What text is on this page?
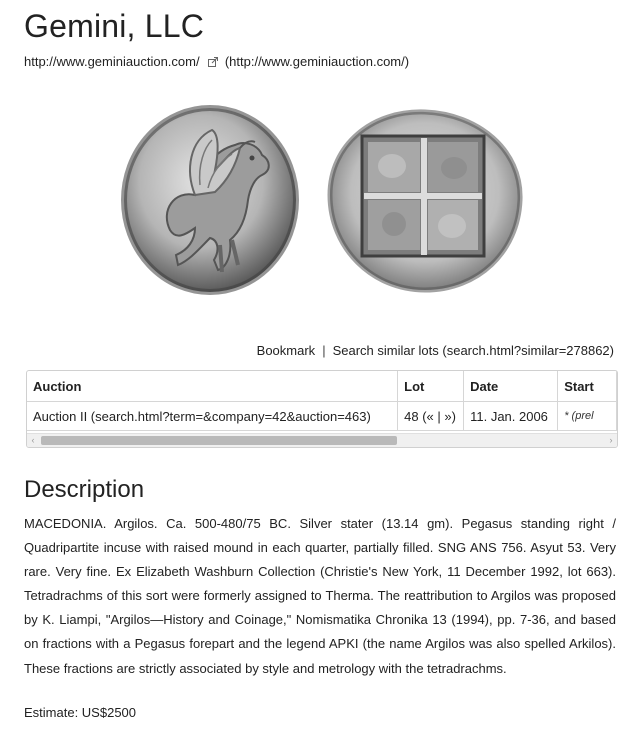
Gemini, LLC
http://www.geminiauction.com/ (http://www.geminiauction.com/)
Bookmark | Search similar lots (search.html?similar=278862)
Auction	Lot	Date	Start
Auction II (search.html?term=&company=42&auction=463)	48 (« | »)	11. Jan. 2006	* (prel
‹	›
Description
MACEDONIA. Argilos. Ca. 500-480/75 BC. Silver stater (13.14 gm). Pegasus standing right / Quadripartite incuse with raised mound in each quarter, partially filled. SNG ANS 756. Asyut 53. Very rare. Very fine. Ex Elizabeth Washburn Collection (Christie's New York, 11 December 1992, lot 663). Tetradrachms of this sort were formerly assigned to Therma. The reattribution to Argilos was proposed by K. Liampi, "Argilos—History and Coinage," Nomismatika Chronika 13 (1994), pp. 7-36, and based on fractions with a Pegasus forepart and the legend APKI (the name Argilos was also spelled Arkilos). These fractions are strictly associated by style and metrology with the tetradrachms.
Estimate: US$2500
